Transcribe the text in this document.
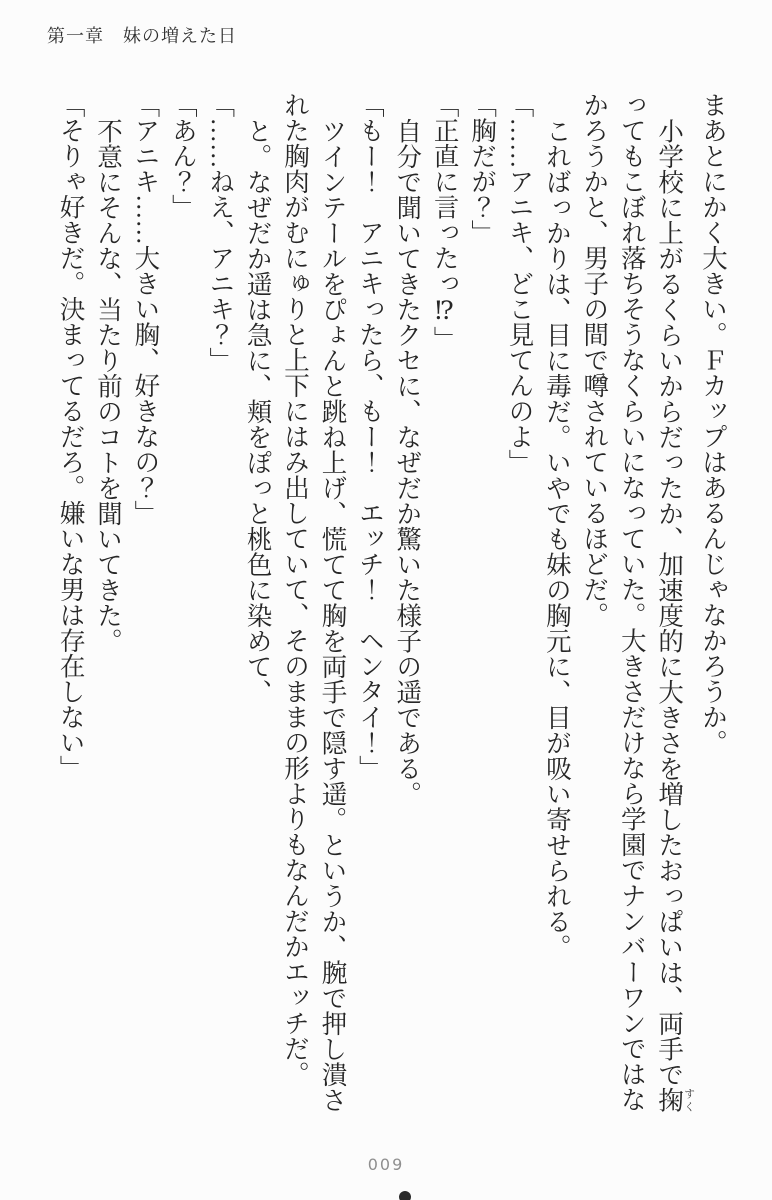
第一章　妹の増えた日

まあとにかく大きい。Ｆカップはあるんじゃなかろうか。

小学校に上がるくらいからだったか、加速度的に大きさを増したおっぱいは、両手で掬すく

ってもこぼれ落ちそうなくらいになっていた。大きさだけなら学園でナンバーワンではな

かろうかと、男子の間で噂されているほどだ。

こればっかりは、目に毒だ。いやでも妹の胸元に、目が吸い寄せられる。

「……アニキ、どこ見てんのよ」

「胸だが？」

「正直に言ったっ⁉」

自分で聞いてきたクセに、なぜだか驚いた様子の遥である。

「もー！　アニキったら、もー！　エッチ！　ヘンタイ！」

ツインテールをぴょんと跳ね上げ、慌てて胸を両手で隠す遥。というか、腕で押し潰さ

れた胸肉がむにゅりと上下にはみ出していて、そのままの形よりもなんだかエッチだ。

と。なぜだか遥は急に、頬をぽっと桃色に染めて、

「……ねえ、アニキ？」

「あん？」

「アニキ……大きい胸、好きなの？」

不意にそんな、当たり前のコトを聞いてきた。

「そりゃ好きだ。決まってるだろ。嫌いな男は存在しない」

009
